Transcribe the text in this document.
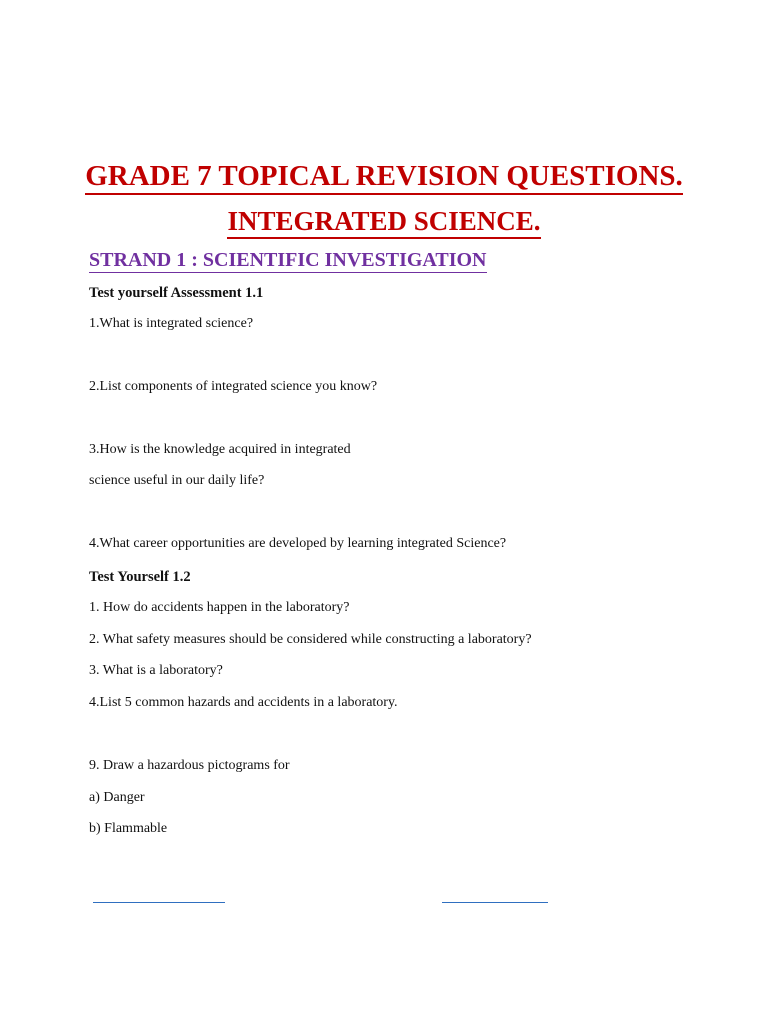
GRADE 7 TOPICAL REVISION QUESTIONS.
INTEGRATED SCIENCE.
STRAND 1 : SCIENTIFIC INVESTIGATION
Test yourself Assessment 1.1
1.What is integrated science?
2.List components of integrated science you know?
3.How is the knowledge acquired in integrated
science useful in our daily life?
4.What career opportunities are developed by learning integrated Science?
Test Yourself 1.2
1. How do accidents happen in the laboratory?
2. What safety measures should be considered while constructing a laboratory?
3. What is a laboratory?
4.List 5 common hazards and accidents in a laboratory.
9. Draw a hazardous pictograms for
a) Danger
b) Flammable
